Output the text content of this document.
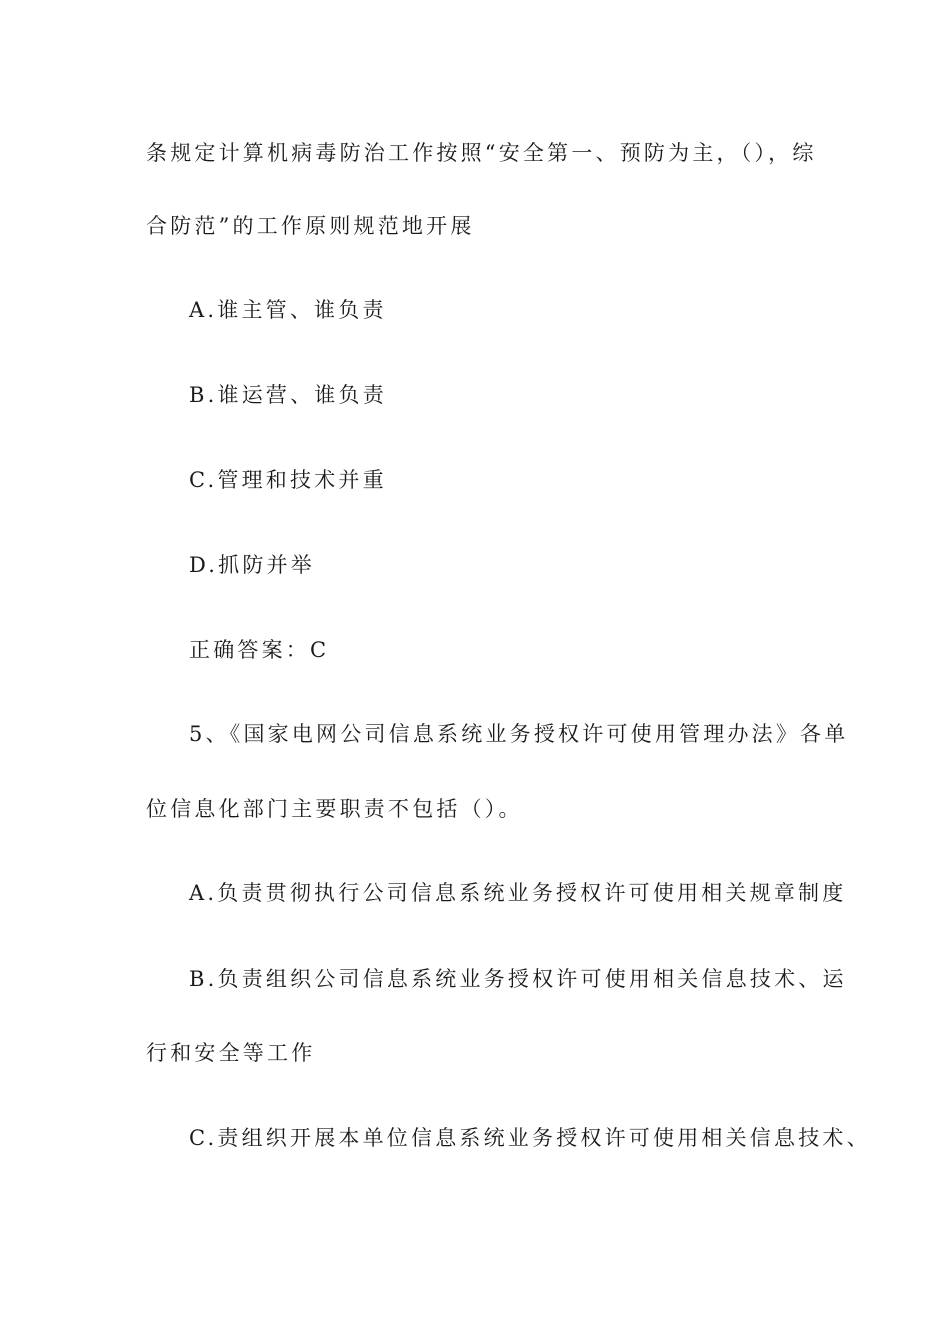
条规定计算机病毒防治工作按照“安全第一、预防为主，（），综
合防范”的工作原则规范地开展
A.谁主管、谁负责
B.谁运营、谁负责
C.管理和技术并重
D.抓防并举
正确答案：C
5、《国家电网公司信息系统业务授权许可使用管理办法》各单
位信息化部门主要职责不包括（）。
A.负责贯彻执行公司信息系统业务授权许可使用相关规章制度
B.负责组织公司信息系统业务授权许可使用相关信息技术、运
行和安全等工作
C.责组织开展本单位信息系统业务授权许可使用相关信息技术、
